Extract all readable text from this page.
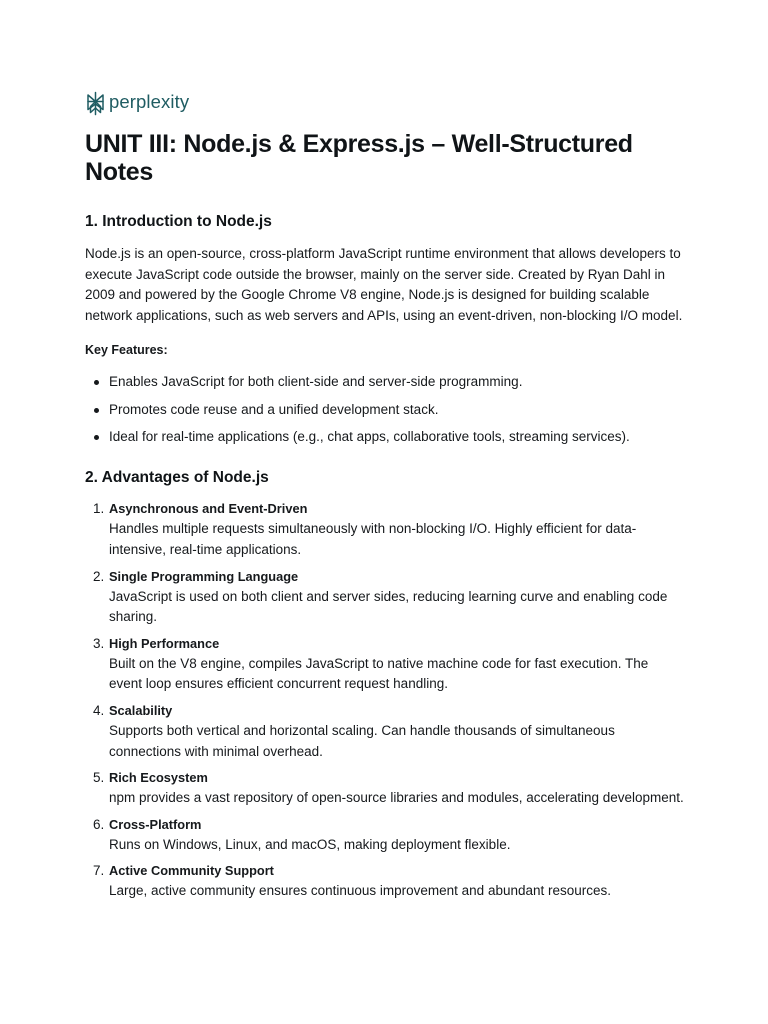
perplexity
UNIT III: Node.js & Express.js – Well-Structured Notes
1. Introduction to Node.js

Node.js is an open-source, cross-platform JavaScript runtime environment that allows developers to execute JavaScript code outside the browser, mainly on the server side. Created by Ryan Dahl in 2009 and powered by the Google Chrome V8 engine, Node.js is designed for building scalable network applications, such as web servers and APIs, using an event-driven, non-blocking I/O model.

Key Features:
Enables JavaScript for both client-side and server-side programming.
Promotes code reuse and a unified development stack.
Ideal for real-time applications (e.g., chat apps, collaborative tools, streaming services).
2. Advantages of Node.js
1. Asynchronous and Event-Driven
Handles multiple requests simultaneously with non-blocking I/O. Highly efficient for data-intensive, real-time applications.
2. Single Programming Language
JavaScript is used on both client and server sides, reducing learning curve and enabling code sharing.
3. High Performance
Built on the V8 engine, compiles JavaScript to native machine code for fast execution. The event loop ensures efficient concurrent request handling.
4. Scalability
Supports both vertical and horizontal scaling. Can handle thousands of simultaneous connections with minimal overhead.
5. Rich Ecosystem
npm provides a vast repository of open-source libraries and modules, accelerating development.
6. Cross-Platform
Runs on Windows, Linux, and macOS, making deployment flexible.
7. Active Community Support
Large, active community ensures continuous improvement and abundant resources.
